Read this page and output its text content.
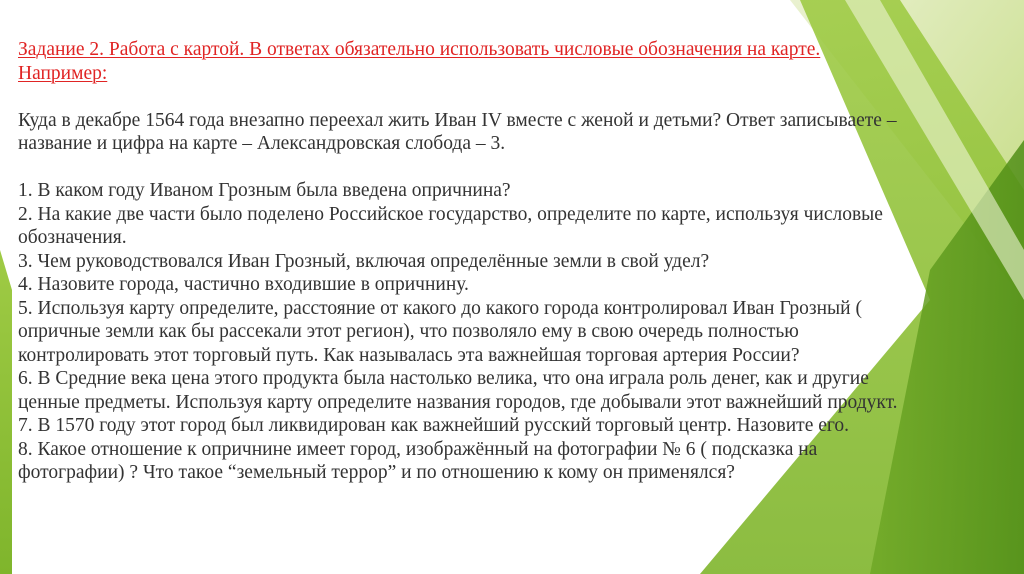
Задание 2. Работа с картой. В ответах обязательно использовать числовые обозначения на карте.

Например:

Куда в декабре 1564 года внезапно переехал жить Иван IV вместе с женой и детьми? Ответ записываете –

название и цифра на карте – Александровская слобода – 3.

1. В каком году Иваном Грозным была введена опричнина?

2. На какие две части было поделено Российское государство, определите по карте, используя числовые

обозначения.

3. Чем руководствовался Иван Грозный, включая определённые земли в свой удел?

4. Назовите города, частично входившие в опричнину.

5. Используя карту определите, расстояние от какого до какого города контролировал Иван Грозный (

опричные земли как бы рассекали этот регион), что позволяло ему в свою очередь полностью

контролировать этот торговый путь. Как называлась эта важнейшая торговая артерия России?

6. В Средние века цена этого продукта была настолько велика, что она играла роль денег, как и другие

ценные предметы. Используя карту определите названия городов, где добывали этот важнейший продукт.

7. В 1570 году этот город был ликвидирован как важнейший русский торговый центр. Назовите его.

8. Какое отношение к опричнине имеет город, изображённый на фотографии № 6 ( подсказка на

фотографии) ? Что такое “земельный террор” и по отношению к кому он применялся?
